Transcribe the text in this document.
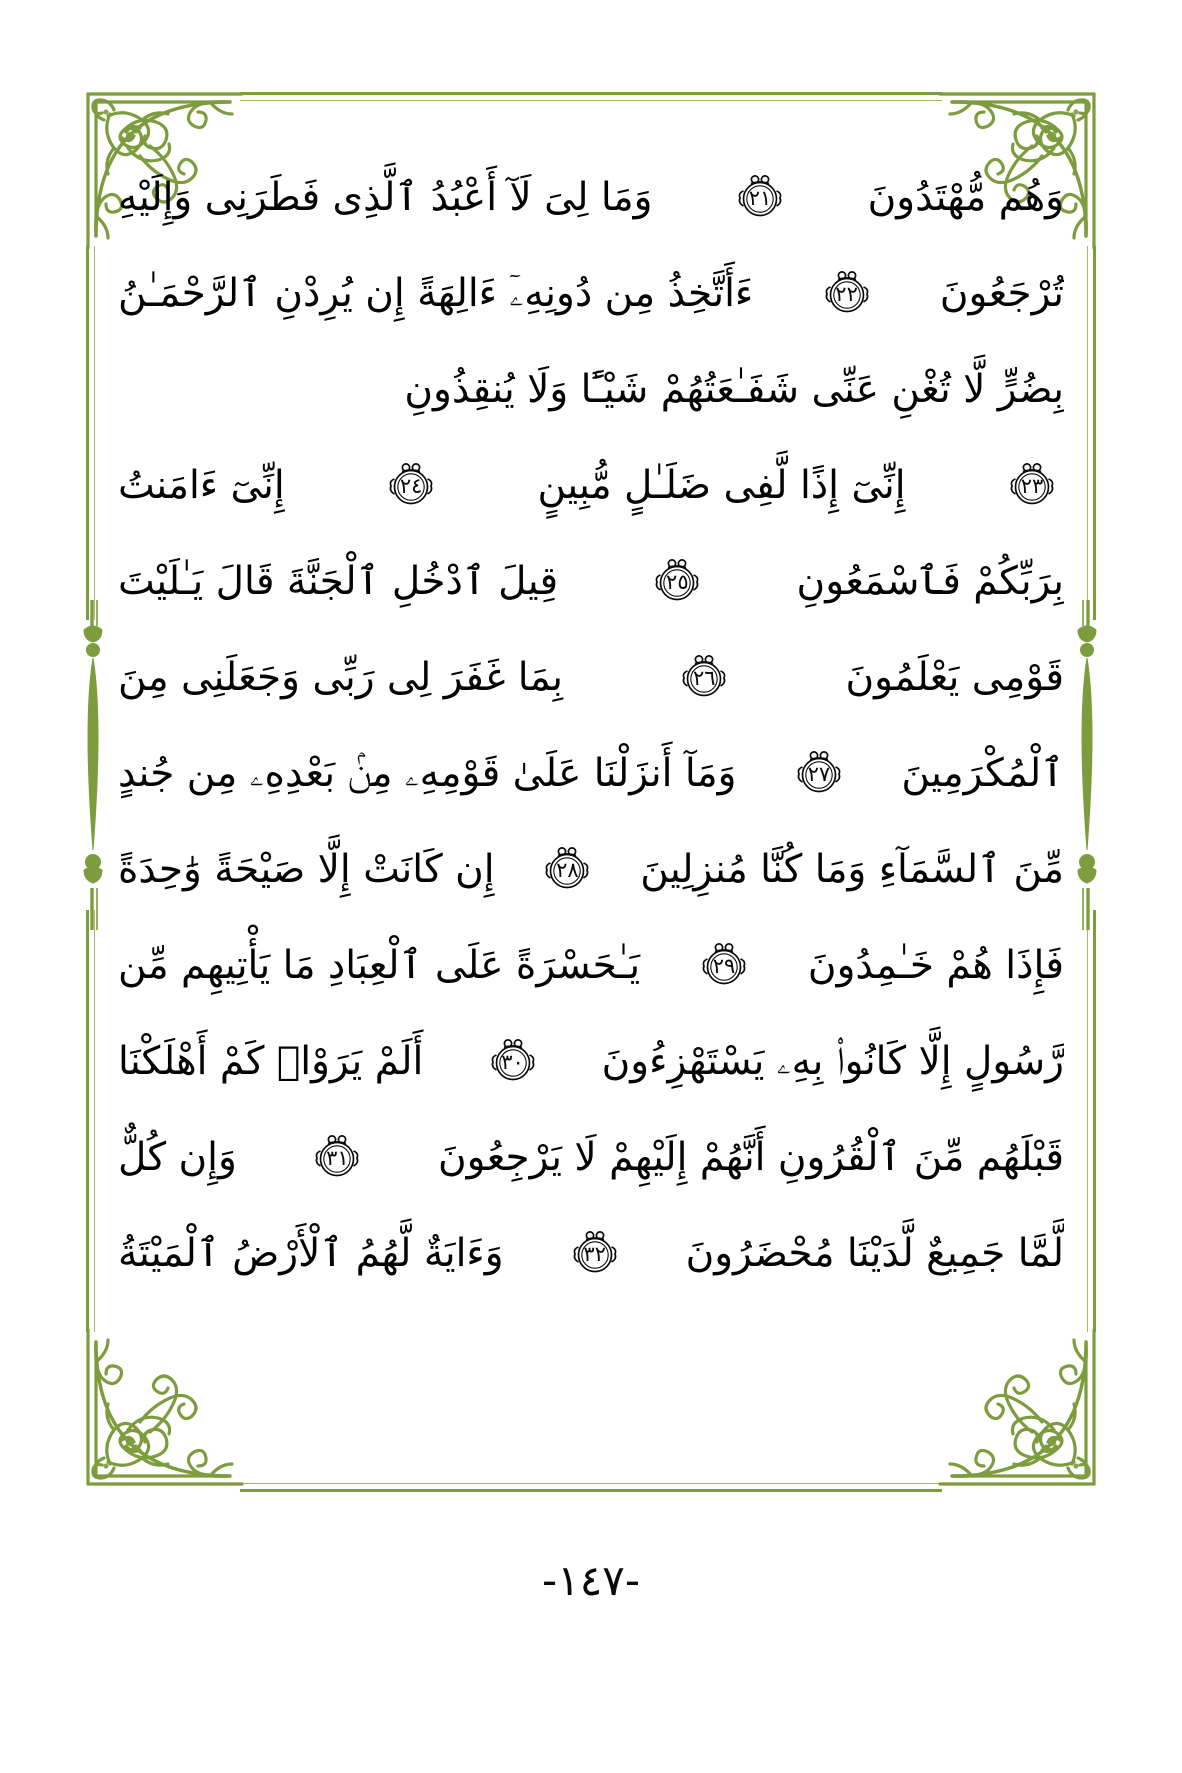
وَهُم مُّهْتَدُونَ
٢١
وَمَا لِىَ لَآ أَعْبُدُ ٱلَّذِى فَطَرَنِى وَإِلَيْهِ
تُرْجَعُونَ
٢٢
ءَأَتَّخِذُ مِن دُونِهِۦٓ ءَالِهَةً إِن يُرِدْنِ ٱلرَّحْمَـٰنُ
بِضُرٍّ لَّا تُغْنِ عَنِّى شَفَـٰعَتُهُمْ شَيْـًٔا وَلَا يُنقِذُونِ
٢٣
إِنِّىٓ إِذًا لَّفِى ضَلَـٰلٍ مُّبِينٍ
٢٤
إِنِّىٓ ءَامَنتُ
بِرَبِّكُمْ فَٱسْمَعُونِ
٢٥
قِيلَ ٱدْخُلِ ٱلْجَنَّةَ قَالَ يَـٰلَيْتَ
قَوْمِى يَعْلَمُونَ
٢٦
بِمَا غَفَرَ لِى رَبِّى وَجَعَلَنِى مِنَ
ٱلْمُكْرَمِينَ
٢٧
وَمَآ أَنزَلْنَا عَلَىٰ قَوْمِهِۦ مِنۢ بَعْدِهِۦ مِن جُندٍ
مِّنَ ٱلسَّمَآءِ وَمَا كُنَّا مُنزِلِينَ
٢٨
إِن كَانَتْ إِلَّا صَيْحَةً وَٰحِدَةً
فَإِذَا هُمْ خَـٰمِدُونَ
٢٩
يَـٰحَسْرَةً عَلَى ٱلْعِبَادِ مَا يَأْتِيهِم مِّن
رَّسُولٍ إِلَّا كَانُوا۟ بِهِۦ يَسْتَهْزِءُونَ
٣٠
أَلَمْ يَرَوْا۟ كَمْ أَهْلَكْنَا
قَبْلَهُم مِّنَ ٱلْقُرُونِ أَنَّهُمْ إِلَيْهِمْ لَا يَرْجِعُونَ
٣١
وَإِن كُلٌّ
لَّمَّا جَمِيعٌ لَّدَيْنَا مُحْضَرُونَ
٣٢
وَءَايَةٌ لَّهُمُ ٱلْأَرْضُ ٱلْمَيْتَةُ
-١٤٧-
